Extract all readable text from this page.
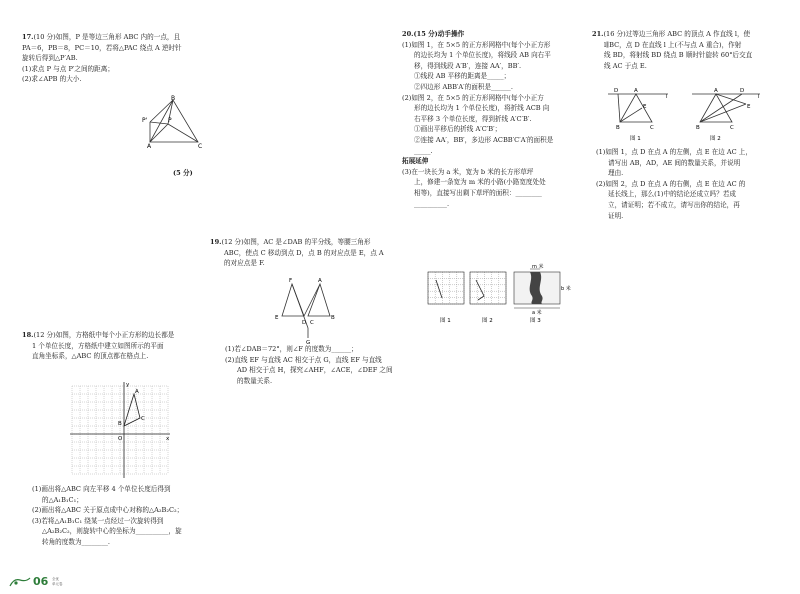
17.(10 分)如图，P 是等边三角形 ABC 内的一点，且

PA＝6，PB＝8，PC＝10，若将△PAC 绕点 A 逆时针

旋转后得到△P′AB.

(1)求点 P 与点 P′之间的距离；

(2)求∠APB 的大小.

B
P'	P
A	C
(5 分)

18.(12 分)如图，方格纸中每个小正方形的边长都是

1 个单位长度，方格纸中建立如图所示的平面

直角坐标系，△ABC 的顶点都在格点上.

y
A
C
B
O	x

(1)画出将△ABC 向左平移 4 个单位长度后得到

的△A₁B₁C₁；

(2)画出将△ABC 关于原点成中心对称的△A₂B₂C₂；

(3)若将△A₁B₁C₁ 绕某一点经过一次旋转得到

△A₂B₂C₂，则旋转中心的坐标为__________，旋

转角的度数为________.

19.(12 分)如图，AC 是∠DAB 的平分线，等腰三角形

ABC，使点 C 移动到点 D，点 B 的对应点是 E，点 A

的对应点是 F.

F	A
E	B
D C
G

(1)若∠DAB＝72°，则∠F 的度数为______；

(2)直线 EF 与直线 AC 相交于点 G，直线 EF 与直线

AD 相交于点 H，探究∠AHF，∠ACE，∠DEF 之间

的数量关系.

20.(15 分)动手操作

(1)如图 1，在 5×5 的正方形网格中(每个小正方形

的边长均为 1 个单位长度)，将线段 AB 向右平

移，得到线段 A′B′，连接 AA′，BB′.

①线段 AB 平移的距离是_____；

②四边形 ABB′A′的面积是______.

(2)如图 2，在 5×5 的正方形网格中(每个小正方

形的边长均为 1 个单位长度)，将折线 ACB 向

右平移 3 个单位长度，得到折线 A′C′B′.

①画出平移后的折线 A′C′B′；

②连接 AA′，BB′，多边形 ACBB′C′A′的面积是

_____.

拓展延伸

(3)在一块长为 a 米，宽为 b 米的长方形草坪

上，修建一条宽为 m 米的小路(小路宽度处处

相等)，直接写出剩下草坪的面积：________

__________.

m 米
b 米
a 米
图 1	图 2	图 3

21.(16 分)过等边三角形 ABC 的顶点 A 作直线 l，使

l∥BC，点 D 在直线 l 上(不与点 A 重合)，作射

线 BD，将射线 BD 绕点 B 顺时针旋转 60°后交直

线 AC 于点 E.

D	A
l
E
B	C
A	D
l
E
B	C
图 1	图 2

(1)如图 1，点 D 在点 A 的左侧，点 E 在边 AC 上，

请写出 AB，AD，AE 间的数量关系，并说明

理由.

(2)如图 2，点 D 在点 A 的右侧，点 E 在边 AC 的

延长线上，那么(1)中的结论还成立吗？若成

立，请证明；若不成立，请写出你的结论，再

证明.

06	全优
单元卷
